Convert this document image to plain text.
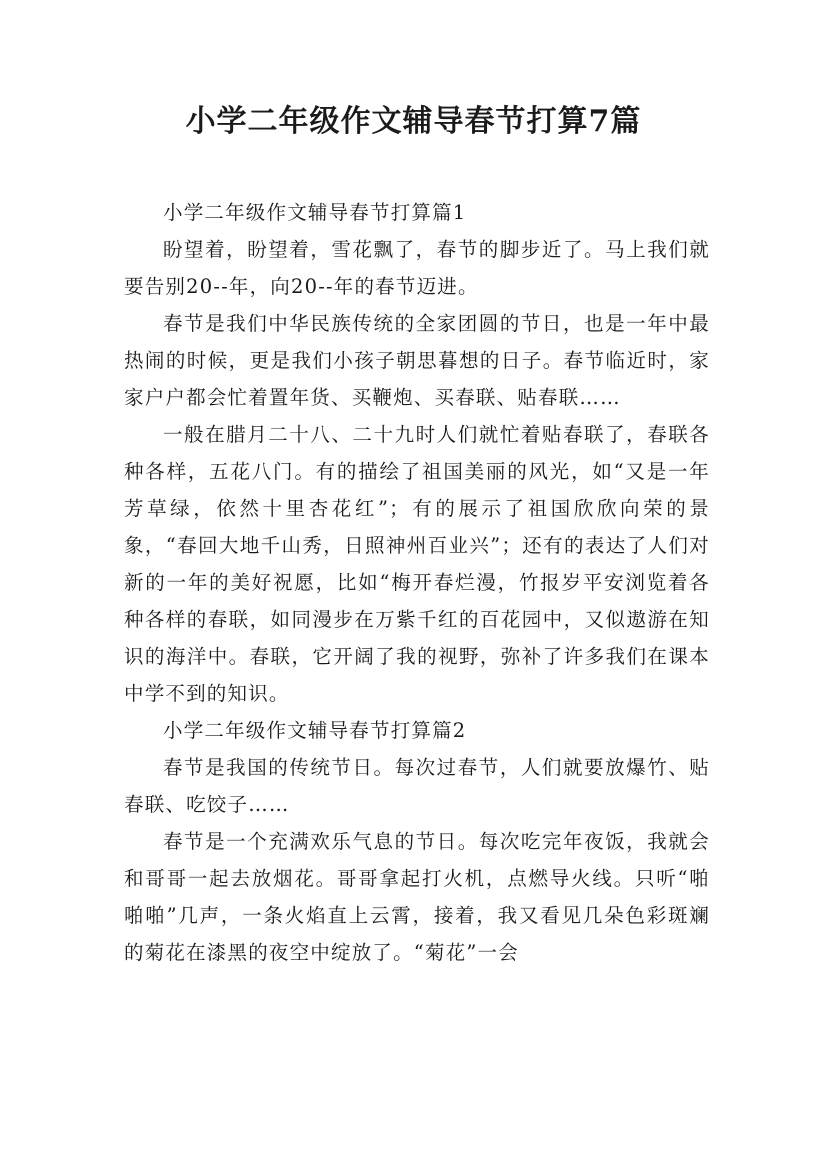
小学二年级作文辅导春节打算7篇

小学二年级作文辅导春节打算篇1

盼望着，盼望着，雪花飘了，春节的脚步近了。马上我们就要告别20--年，向20--年的春节迈进。

春节是我们中华民族传统的全家团圆的节日，也是一年中最热闹的时候，更是我们小孩子朝思暮想的日子。春节临近时，家家户户都会忙着置年货、买鞭炮、买春联、贴春联……

一般在腊月二十八、二十九时人们就忙着贴春联了，春联各种各样，五花八门。有的描绘了祖国美丽的风光，如“又是一年芳草绿，依然十里杏花红”；有的展示了祖国欣欣向荣的景象，“春回大地千山秀，日照神州百业兴”；还有的表达了人们对新的一年的美好祝愿，比如“梅开春烂漫，竹报岁平安浏览着各种各样的春联，如同漫步在万紫千红的百花园中，又似遨游在知识的海洋中。春联，它开阔了我的视野，弥补了许多我们在课本中学不到的知识。

小学二年级作文辅导春节打算篇2

春节是我国的传统节日。每次过春节，人们就要放爆竹、贴春联、吃饺子……

春节是一个充满欢乐气息的节日。每次吃完年夜饭，我就会和哥哥一起去放烟花。哥哥拿起打火机，点燃导火线。只听“啪啪啪”几声，一条火焰直上云霄，接着，我又看见几朵色彩斑斓的菊花在漆黑的夜空中绽放了。“菊花”一会
